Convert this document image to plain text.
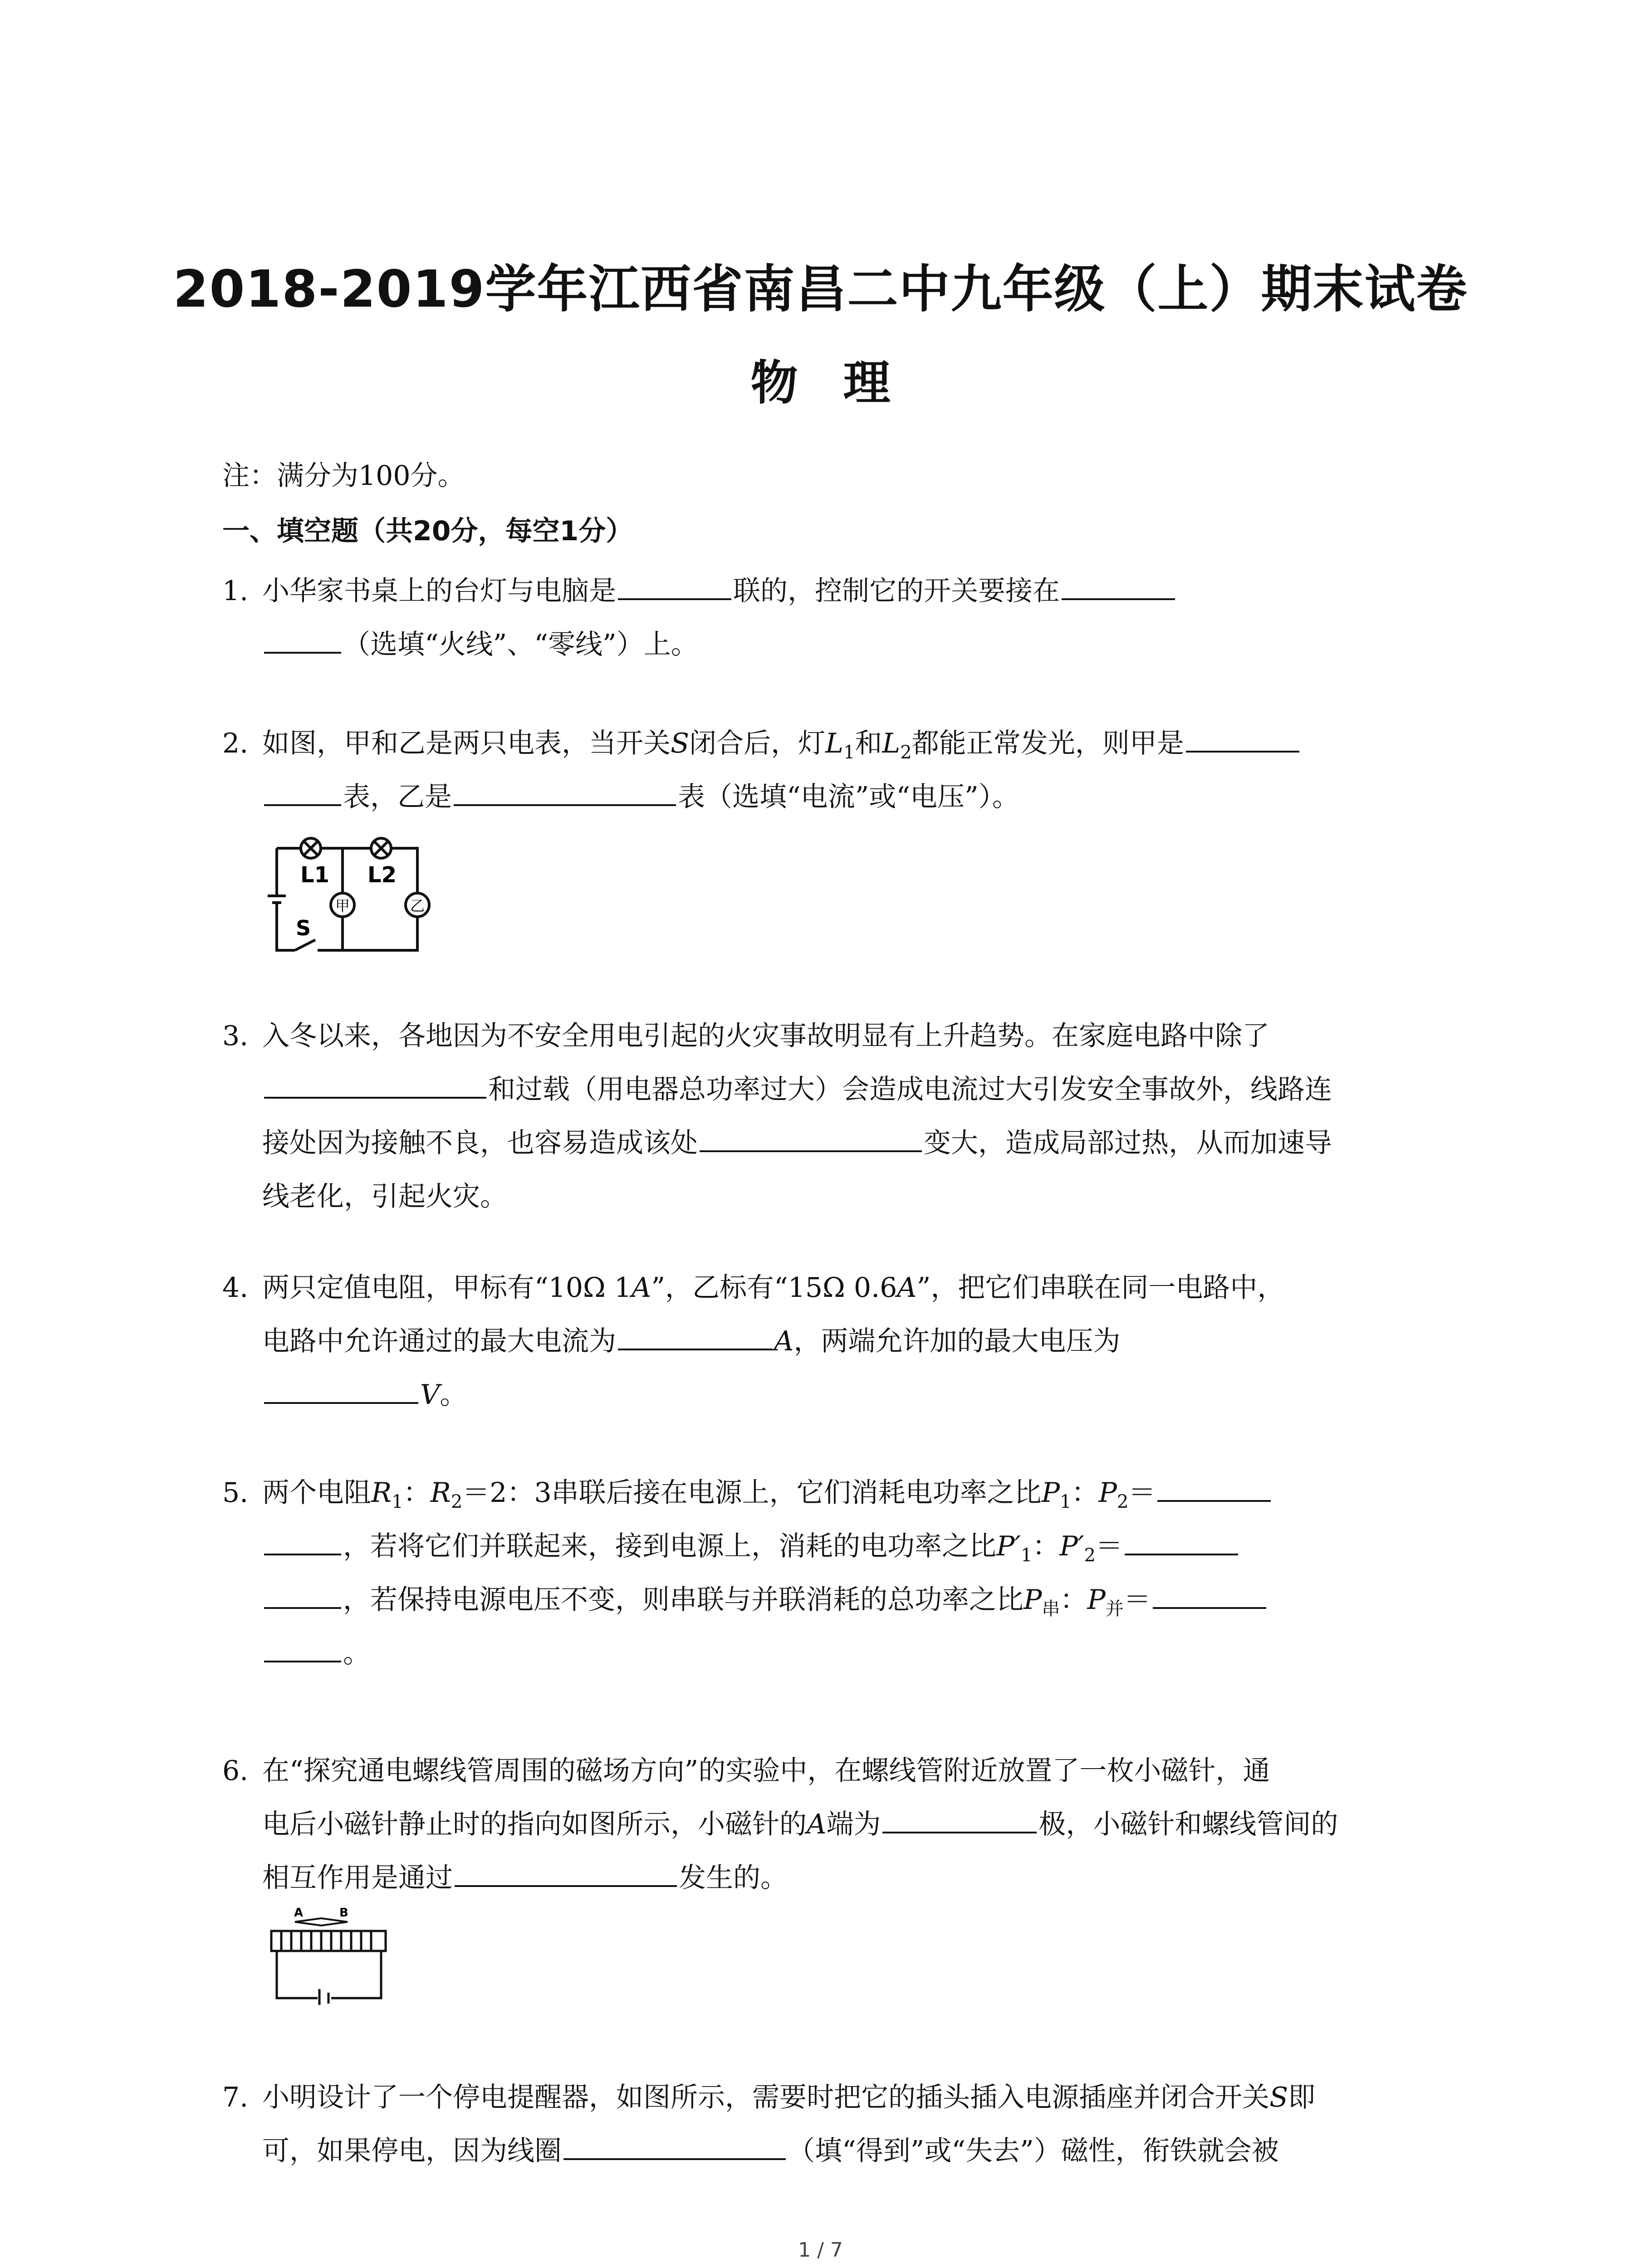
2018-2019学年江西省南昌二中九年级（上）期末试卷
物理
注：满分为100分。
一、填空题（共20分，每空1分）
1. 小华家书桌上的台灯与电脑是	联的，控制它的开关要接在
（选填“火线”、“零线”）上。
2. 如图，甲和乙是两只电表，当开关S闭合后，灯$L_1$和$L_2$都能正常发光，则甲是
表，乙是	表（选填“电流”或“电压”）。
L1 L2
S
甲	乙
3. 入冬以来，各地因为不安全用电引起的火灾事故明显有上升趋势。在家庭电路中除了
和过载（用电器总功率过大）会造成电流过大引发安全事故外，线路连
接处因为接触不良，也容易造成该处	变大，造成局部过热，从而加速导
线老化，引起火灾。
4. 两只定值电阻，甲标有“10Ω 1A”，乙标有“15Ω 0.6A”，把它们串联在同一电路中，
电路中允许通过的最大电流为	A，两端允许加的最大电压为
V。
5. 两个电阻$R_1$：$R_2=2$：3串联后接在电源上，它们消耗电功率之比$P_1$：$P_2=$
，若将它们并联起来，接到电源上，消耗的电功率之比$P'_1$：$P'_2=$
，若保持电源电压不变，则串联与并联消耗的总功率之比$P_串$：$P_并=$
。
6. 在“探究通电螺线管周围的磁场方向”的实验中，在螺线管附近放置了一枚小磁针，通
电后小磁针静止时的指向如图所示，小磁针的A端为	极，小磁针和螺线管间的
相互作用是通过	发生的。
A	B
7. 小明设计了一个停电提醒器，如图所示，需要时把它的插头插入电源插座并闭合开关S即
可，如果停电，因为线圈	（填“得到”或“失去”）磁性，衔铁就会被
1 / 7
